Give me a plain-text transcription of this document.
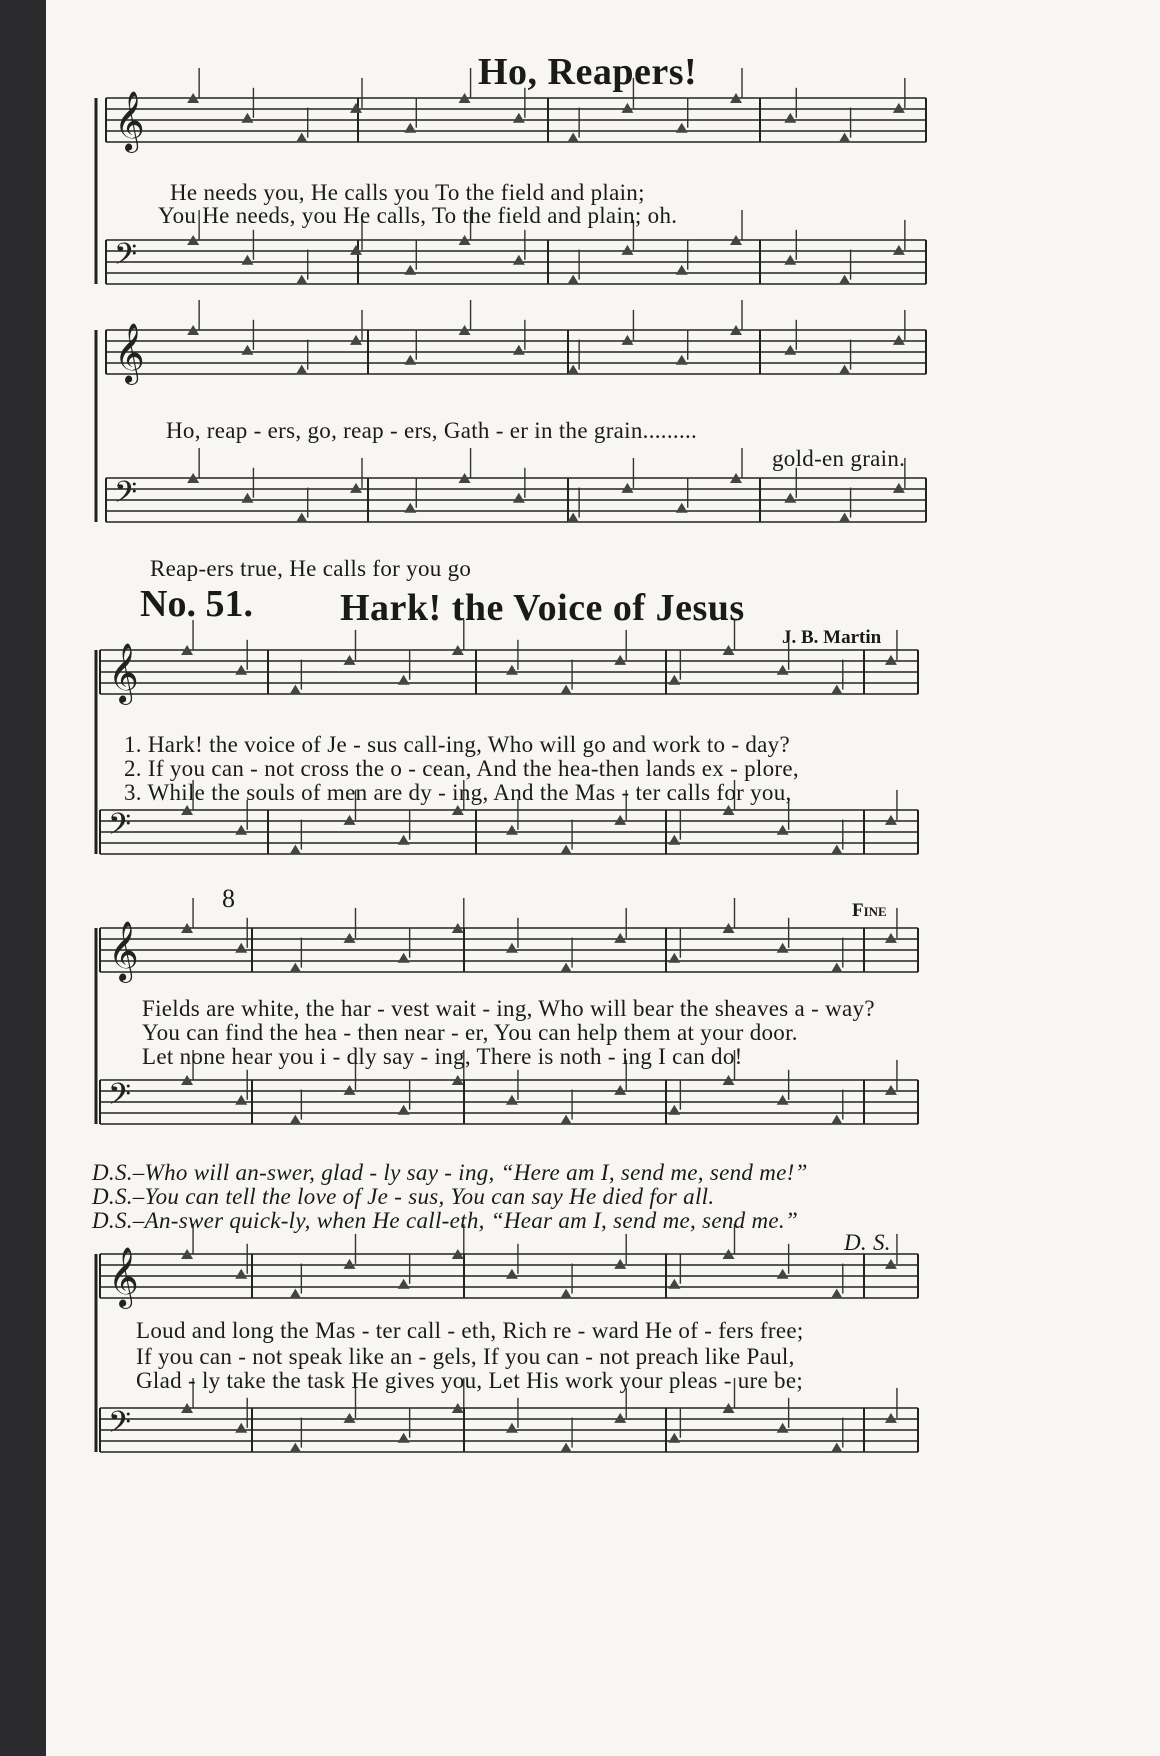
Ho, Reapers!
𝄞
𝄢
𝄞
𝄢
𝄞
𝄢
𝄞
𝄢
𝄞
𝄢
He needs you, He calls you To the field and plain;
You He needs, you He calls, To the field and plain; oh.
Ho, reap - ers, go, reap - ers, Gath - er in the grain.........
gold-en grain.
Reap-ers true, He calls for you go
No. 51. Hark! the Voice of Jesus
J. B. Martin
1. Hark! the voice of Je - sus call-ing, Who will go and work to - day?
2. If you can - not cross the o - cean, And the hea-then lands ex - plore,
3. While the souls of men are dy - ing, And the Mas - ter calls for you,
8	Fine
Fields are white, the har - vest wait - ing, Who will bear the sheaves a - way?
You can find the hea - then near - er, You can help them at your door.
Let none hear you i - dly say - ing, There is noth - ing I can do!
D.S.–Who will an-swer, glad - ly say - ing, “Here am I, send me, send me!”
D.S.–You can tell the love of Je - sus, You can say He died for all.
D.S.–An-swer quick-ly, when He call-eth, “Hear am I, send me, send me.”
D. S.
Loud and long the Mas - ter call - eth, Rich re - ward He of - fers free;
If you can - not speak like an - gels, If you can - not preach like Paul,
Glad - ly take the task He gives you, Let His work your pleas - ure be;
